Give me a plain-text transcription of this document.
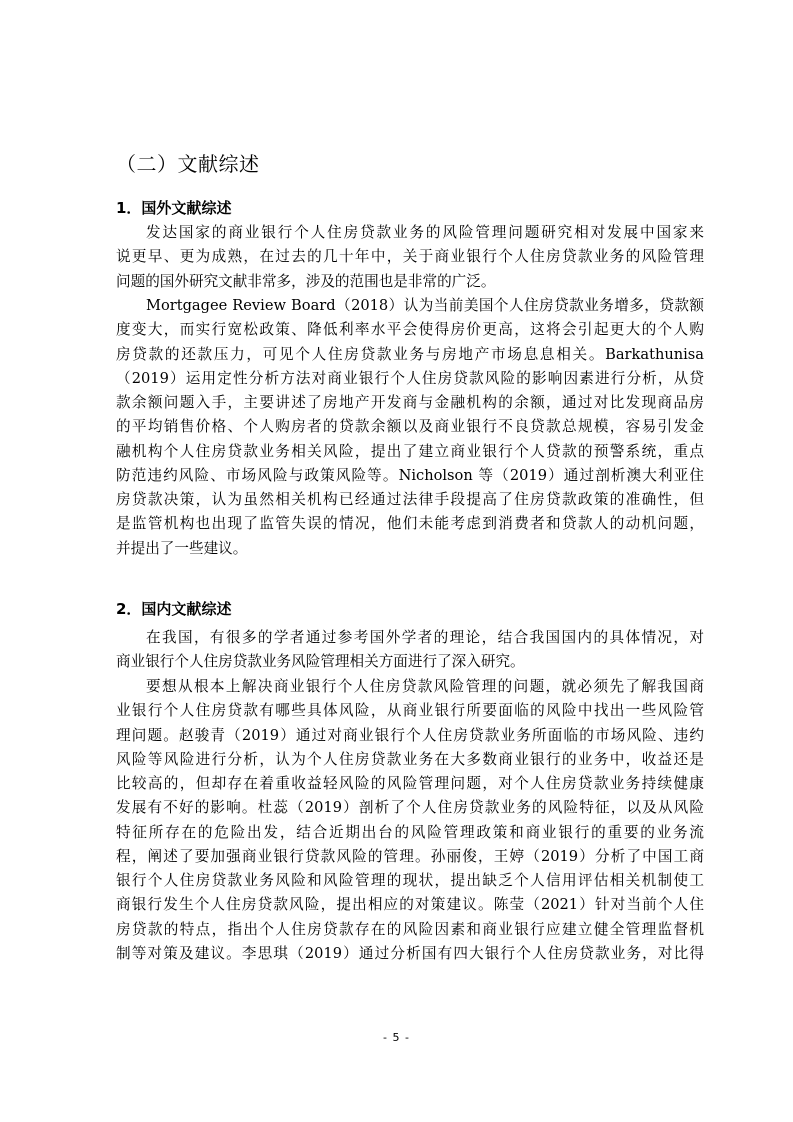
（二）文献综述
1．国外文献综述
发达国家的商业银行个人住房贷款业务的风险管理问题研究相对发展中国家来
说更早、更为成熟，在过去的几十年中，关于商业银行个人住房贷款业务的风险管理
问题的国外研究文献非常多，涉及的范围也是非常的广泛。
Mortgagee Review Board（2018）认为当前美国个人住房贷款业务增多，贷款额
度变大，而实行宽松政策、降低利率水平会使得房价更高，这将会引起更大的个人购
房贷款的还款压力，可见个人住房贷款业务与房地产市场息息相关。Barkathunisa
（2019）运用定性分析方法对商业银行个人住房贷款风险的影响因素进行分析，从贷
款余额问题入手，主要讲述了房地产开发商与金融机构的余额，通过对比发现商品房
的平均销售价格、个人购房者的贷款余额以及商业银行不良贷款总规模，容易引发金
融机构个人住房贷款业务相关风险，提出了建立商业银行个人贷款的预警系统，重点
防范违约风险、市场风险与政策风险等。Nicholson 等（2019）通过剖析澳大利亚住
房贷款决策，认为虽然相关机构已经通过法律手段提高了住房贷款政策的准确性，但
是监管机构也出现了监管失误的情况，他们未能考虑到消费者和贷款人的动机问题，
并提出了一些建议。
2．国内文献综述
在我国，有很多的学者通过参考国外学者的理论，结合我国国内的具体情况，对
商业银行个人住房贷款业务风险管理相关方面进行了深入研究。
要想从根本上解决商业银行个人住房贷款风险管理的问题，就必须先了解我国商
业银行个人住房贷款有哪些具体风险，从商业银行所要面临的风险中找出一些风险管
理问题。赵骏青（2019）通过对商业银行个人住房贷款业务所面临的市场风险、违约
风险等风险进行分析，认为个人住房贷款业务在大多数商业银行的业务中，收益还是
比较高的，但却存在着重收益轻风险的风险管理问题，对个人住房贷款业务持续健康
发展有不好的影响。杜蕊（2019）剖析了个人住房贷款业务的风险特征，以及从风险
特征所存在的危险出发，结合近期出台的风险管理政策和商业银行的重要的业务流
程，阐述了要加强商业银行贷款风险的管理。孙丽俊，王婷（2019）分析了中国工商
银行个人住房贷款业务风险和风险管理的现状，提出缺乏个人信用评估相关机制使工
商银行发生个人住房贷款风险，提出相应的对策建议。陈莹（2021）针对当前个人住
房贷款的特点，指出个人住房贷款存在的风险因素和商业银行应建立健全管理监督机
制等对策及建议。李思琪（2019）通过分析国有四大银行个人住房贷款业务，对比得
- 5 -
